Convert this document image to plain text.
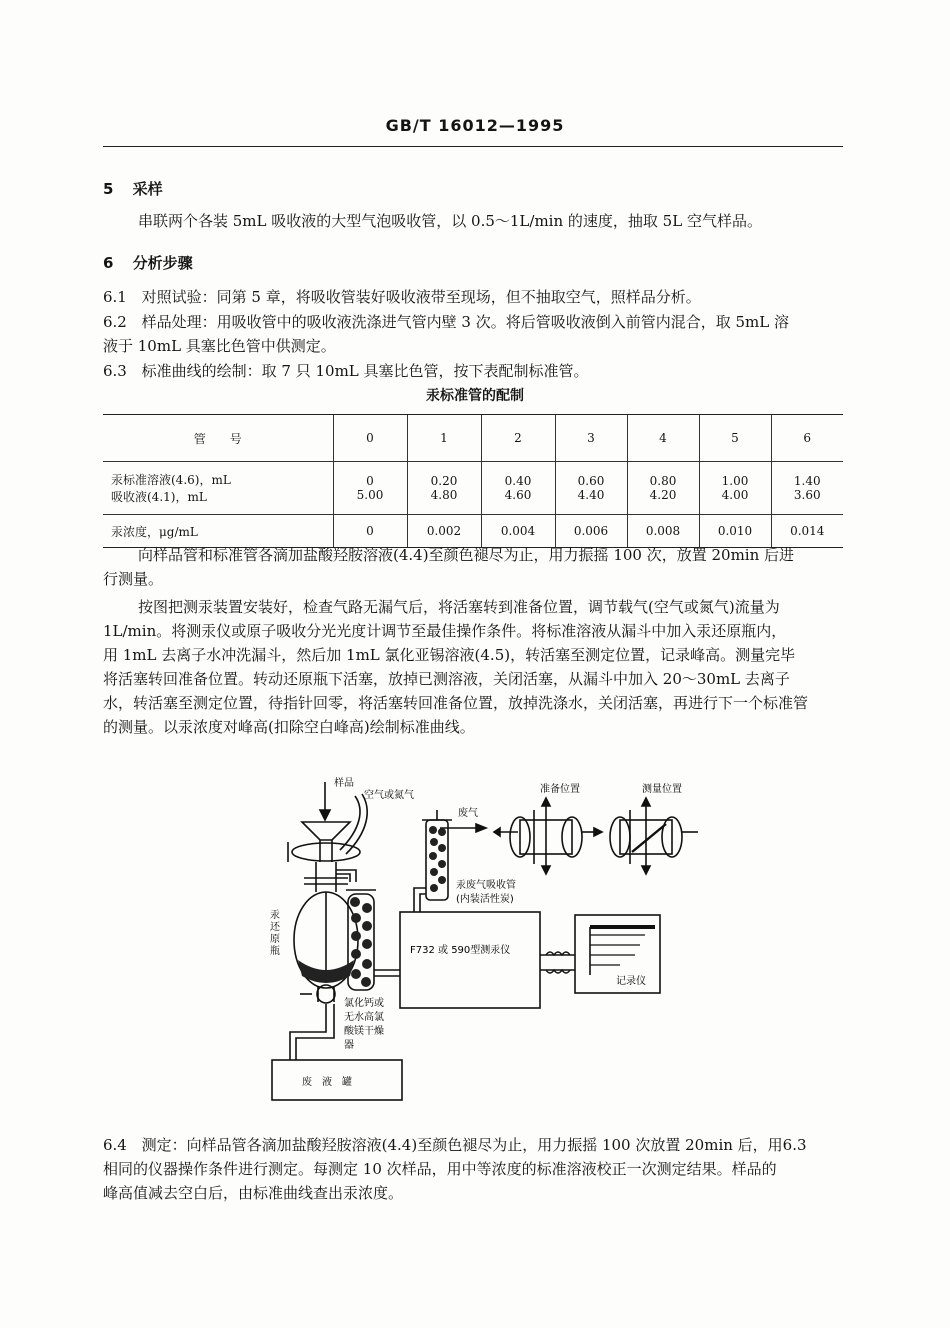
GB/T 16012—1995
5 采样
串联两个各装 5mL 吸收液的大型气泡吸收管，以 0.5～1L/min 的速度，抽取 5L 空气样品。
6 分析步骤
6.1 对照试验：同第 5 章，将吸收管装好吸收液带至现场，但不抽取空气，照样品分析。
6.2 样品处理：用吸收管中的吸收液洗涤进气管内壁 3 次。将后管吸收液倒入前管内混合，取 5mL 溶
液于 10mL 具塞比色管中供测定。
6.3 标准曲线的绘制：取 7 只 10mL 具塞比色管，按下表配制标准管。
汞标准管的配制
管　　号	0	1	2	3	4	5	6
汞标准溶液(4.6)，mL	0	0.20	0.40	0.60	0.80	1.00	1.40
吸收液(4.1)，mL	5.00	4.80	4.60	4.40	4.20	4.00	3.60
汞浓度，μg/mL	0	0.002	0.004	0.006	0.008	0.010	0.014
向样品管和标准管各滴加盐酸羟胺溶液(4.4)至颜色褪尽为止，用力振摇 100 次，放置 20min 后进
行测量。
按图把测汞装置安装好，检查气路无漏气后，将活塞转到准备位置，调节载气(空气或氮气)流量为
1L/min。将测汞仪或原子吸收分光光度计调节至最佳操作条件。将标准溶液从漏斗中加入汞还原瓶内，
用 1mL 去离子水冲洗漏斗，然后加 1mL 氯化亚锡溶液(4.5)，转活塞至测定位置，记录峰高。测量完毕
将活塞转回准备位置。转动还原瓶下活塞，放掉已测溶液，关闭活塞，从漏斗中加入 20～30mL 去离子
水，转活塞至测定位置，待指针回零，将活塞转回准备位置，放掉洗涤水，关闭活塞，再进行下一个标准管
的测量。以汞浓度对峰高(扣除空白峰高)绘制标准曲线。
样品
空气或氮气
废气
准备位置	测量位置
汞废气吸收管
(内装活性炭)
汞
还
原
瓶	F732 或 590型测汞仪
记录仪
氯化钙或
无水高氯
酸镁干燥
器
废　液　罐
6.4 测定：向样品管各滴加盐酸羟胺溶液(4.4)至颜色褪尽为止，用力振摇 100 次放置 20min 后，用6.3
相同的仪器操作条件进行测定。每测定 10 次样品，用中等浓度的标准溶液校正一次测定结果。样品的
峰高值减去空白后，由标准曲线查出汞浓度。
